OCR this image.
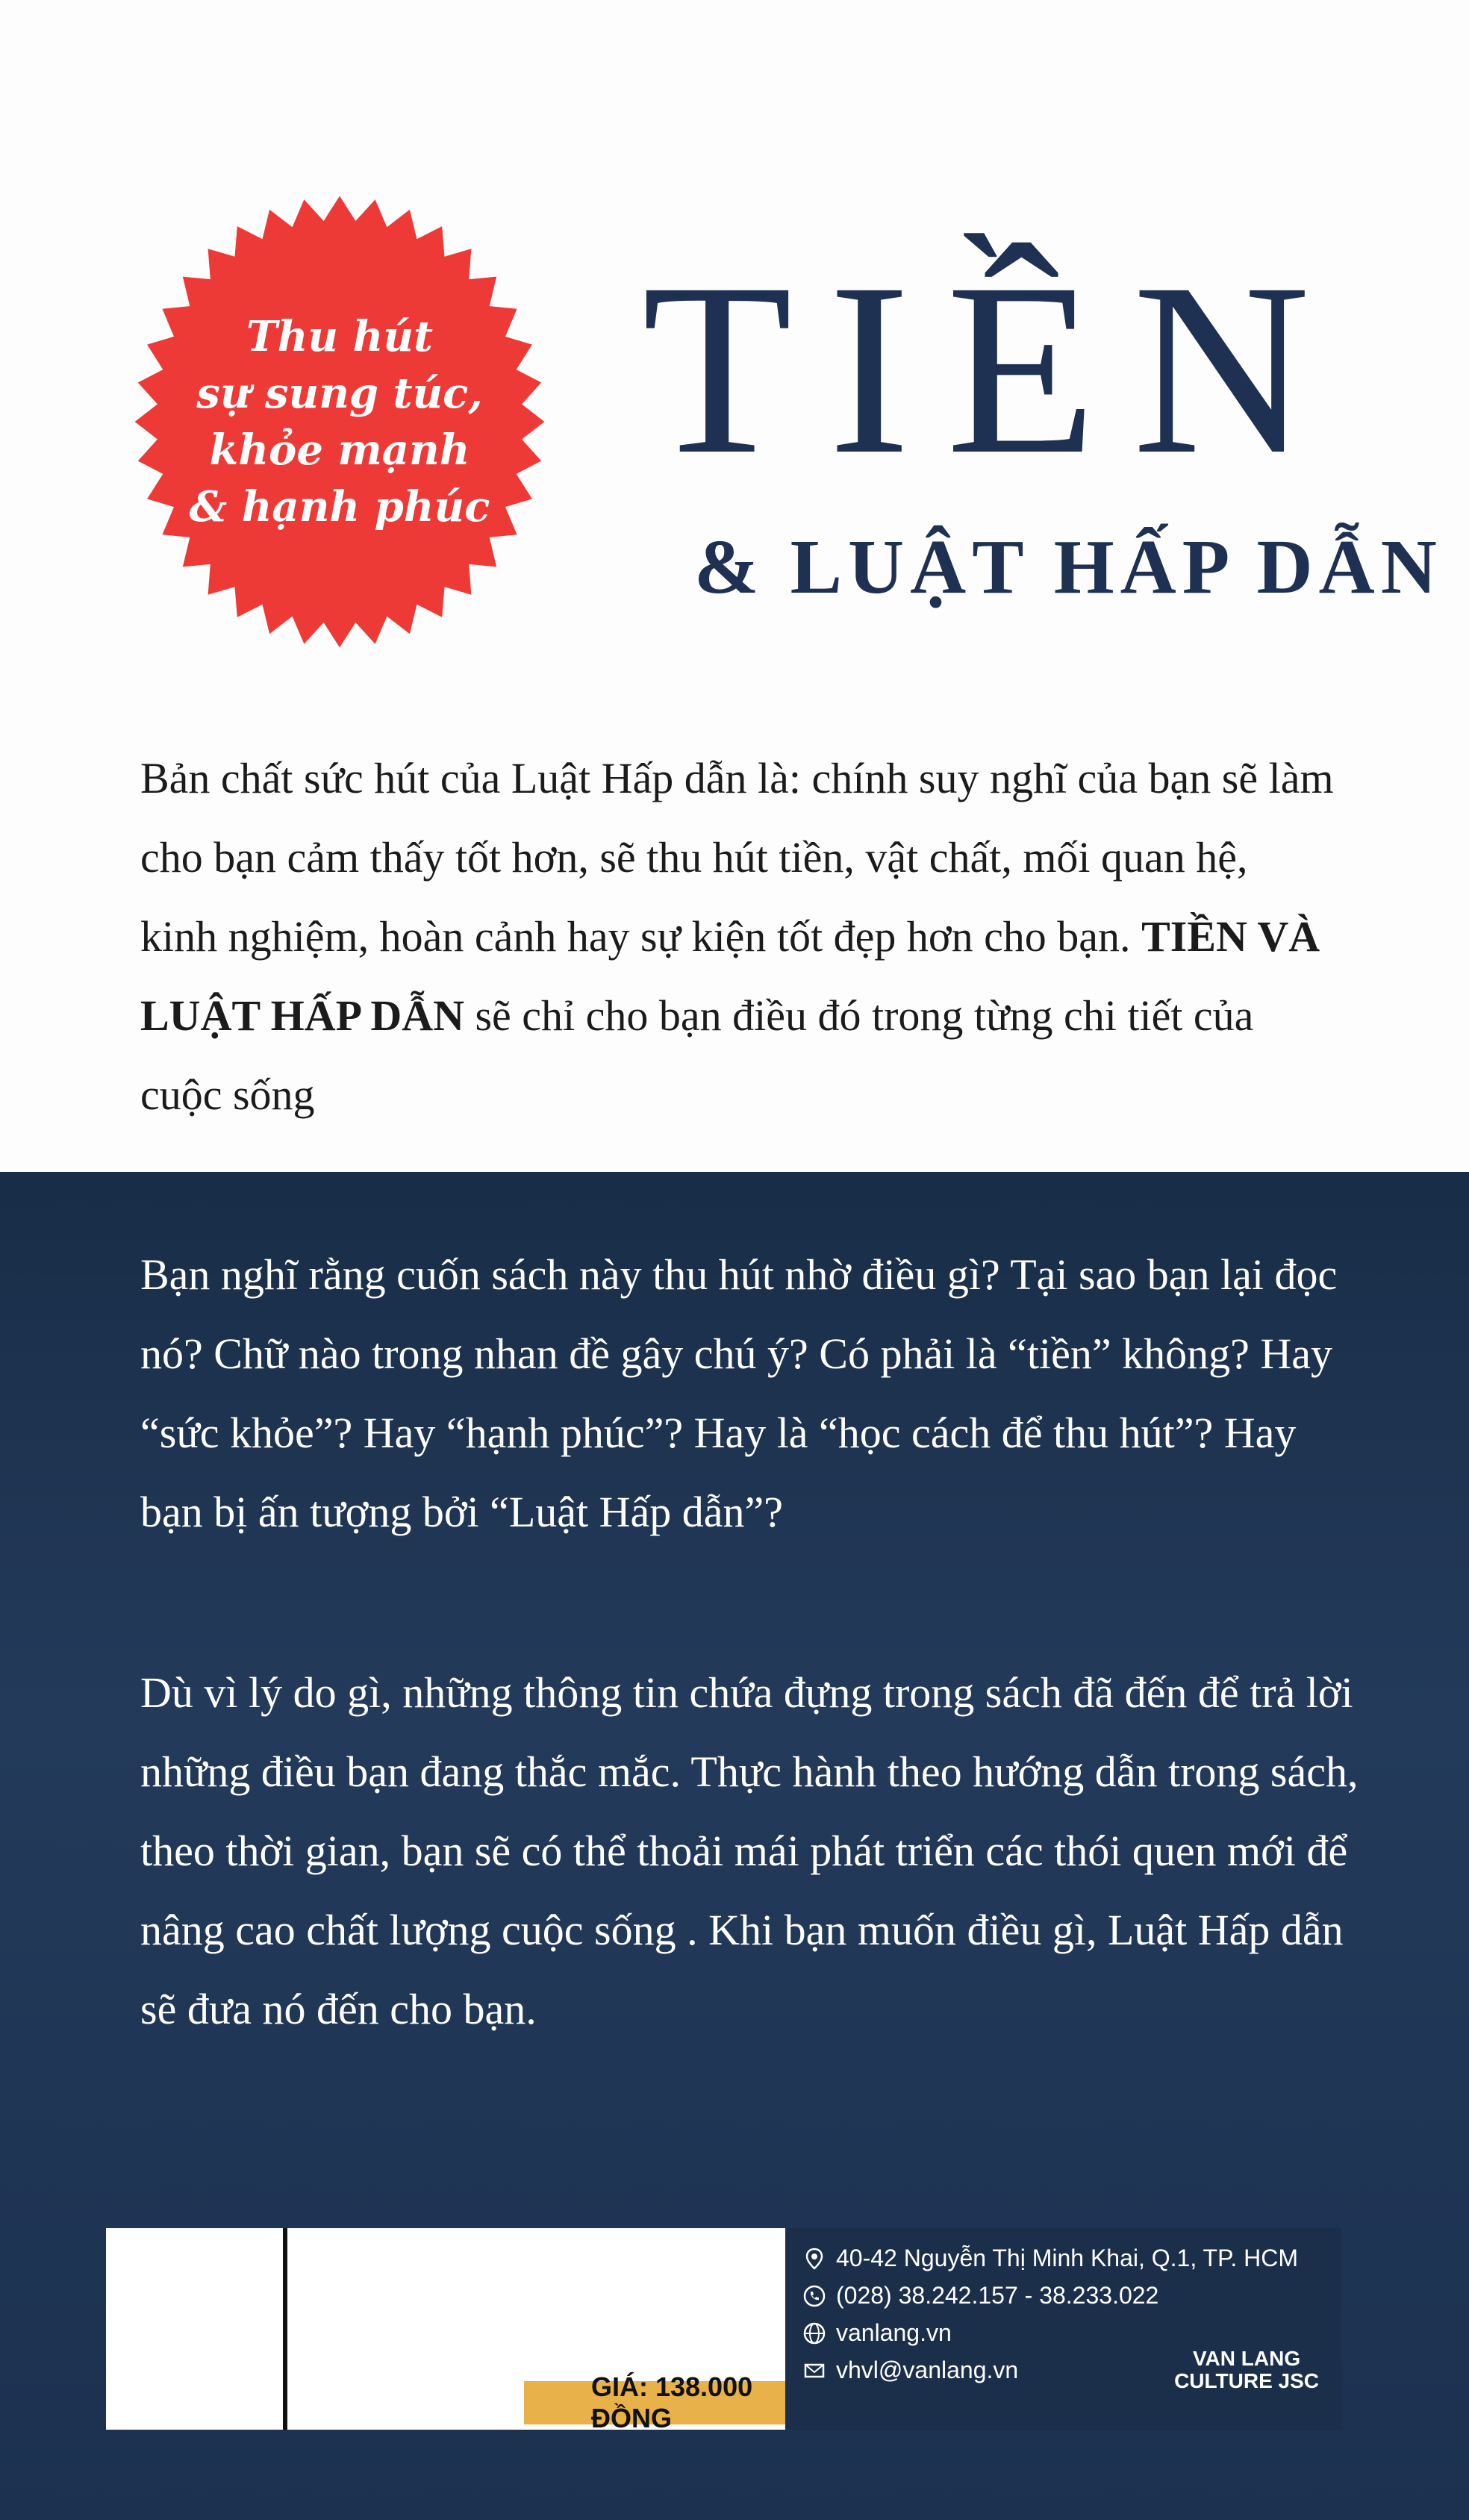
Thu hút
sự sung túc,
khỏe mạnh
& hạnh phúc
TIỀN
& LUẬT HẤP DẪN
Bản chất sức hút của Luật Hấp dẫn là: chính suy nghĩ của bạn sẽ làm cho bạn cảm thấy tốt hơn, sẽ thu hút tiền, vật chất, mối quan hệ, kinh nghiệm, hoàn cảnh hay sự kiện tốt đẹp hơn cho bạn. TIỀN VÀ LUẬT HẤP DẪN sẽ chỉ cho bạn điều đó trong từng chi tiết của cuộc sống

Bạn nghĩ rằng cuốn sách này thu hút nhờ điều gì? Tại sao bạn lại đọc nó? Chữ nào trong nhan đề gây chú ý? Có phải là “tiền” không? Hay “sức khỏe”? Hay “hạnh phúc”? Hay là “học cách để thu hút”? Hay bạn bị ấn tượng bởi “Luật Hấp dẫn”?

Dù vì lý do gì, những thông tin chứa đựng trong sách đã đến để trả lời những điều bạn đang thắc mắc. Thực hành theo hướng dẫn trong sách, theo thời gian, bạn sẽ có thể thoải mái phát triển các thói quen mới để nâng cao chất lượng cuộc sống . Khi bạn muốn điều gì, Luật Hấp dẫn sẽ đưa nó đến cho bạn.

GIÁ: 138.000 ĐỒNG
40-42 Nguyễn Thị Minh Khai, Q.1, TP. HCM
(028) 38.242.157 - 38.233.022
vanlang.vn
vhvl@vanlang.vn	VAN LANG
CULTURE JSC
